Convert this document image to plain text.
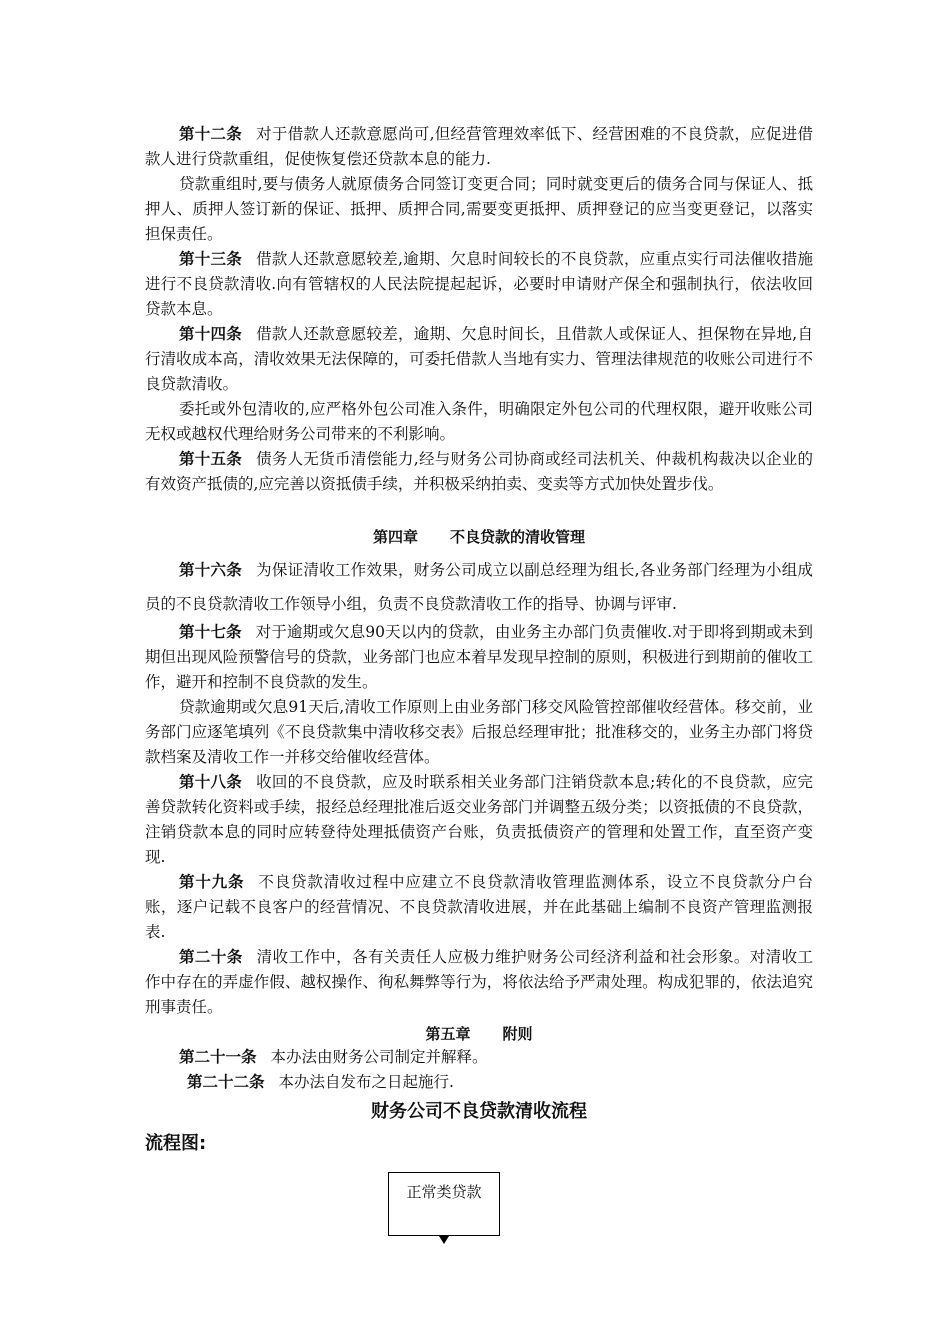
第十二条 对于借款人还款意愿尚可,但经营管理效率低下、经营困难的不良贷款，应促进借款人进行贷款重组，促使恢复偿还贷款本息的能力.

贷款重组时,要与债务人就原债务合同签订变更合同；同时就变更后的债务合同与保证人、抵押人、质押人签订新的保证、抵押、质押合同,需要变更抵押、质押登记的应当变更登记，以落实担保责任。

第十三条 借款人还款意愿较差,逾期、欠息时间较长的不良贷款，应重点实行司法催收措施进行不良贷款清收.向有管辖权的人民法院提起起诉，必要时申请财产保全和强制执行，依法收回贷款本息。

第十四条 借款人还款意愿较差，逾期、欠息时间长，且借款人或保证人、担保物在异地,自行清收成本高，清收效果无法保障的，可委托借款人当地有实力、管理法律规范的收账公司进行不良贷款清收。

委托或外包清收的,应严格外包公司准入条件，明确限定外包公司的代理权限，避开收账公司无权或越权代理给财务公司带来的不利影响。

第十五条 债务人无货币清偿能力,经与财务公司协商或经司法机关、仲裁机构裁决以企业的有效资产抵债的,应完善以资抵债手续，并积极采纳拍卖、变卖等方式加快处置步伐。

第四章 不良贷款的清收管理

第十六条 为保证清收工作效果，财务公司成立以副总经理为组长,各业务部门经理为小组成员的不良贷款清收工作领导小组，负责不良贷款清收工作的指导、协调与评审.

第十七条 对于逾期或欠息90天以内的贷款，由业务主办部门负责催收.对于即将到期或未到期但出现风险预警信号的贷款，业务部门也应本着早发现早控制的原则，积极进行到期前的催收工作，避开和控制不良贷款的发生。

贷款逾期或欠息91天后,清收工作原则上由业务部门移交风险管控部催收经营体。移交前，业务部门应逐笔填列《不良贷款集中清收移交表》后报总经理审批；批准移交的，业务主办部门将贷款档案及清收工作一并移交给催收经营体。

第十八条 收回的不良贷款，应及时联系相关业务部门注销贷款本息;转化的不良贷款，应完善贷款转化资料或手续，报经总经理批准后返交业务部门并调整五级分类；以资抵债的不良贷款，注销贷款本息的同时应转登待处理抵债资产台账，负责抵债资产的管理和处置工作，直至资产变现.

第十九条 不良贷款清收过程中应建立不良贷款清收管理监测体系，设立不良贷款分户台账，逐户记载不良客户的经营情况、不良贷款清收进展，并在此基础上编制不良资产管理监测报表.

第二十条 清收工作中，各有关责任人应极力维护财务公司经济利益和社会形象。对清收工作中存在的弄虚作假、越权操作、徇私舞弊等行为，将依法给予严肃处理。构成犯罪的，依法追究刑事责任。

第五章 附则

第二十一条 本办法由财务公司制定并解释。

第二十二条 本办法自发布之日起施行.

财务公司不良贷款清收流程

流程图:

正常类贷款
